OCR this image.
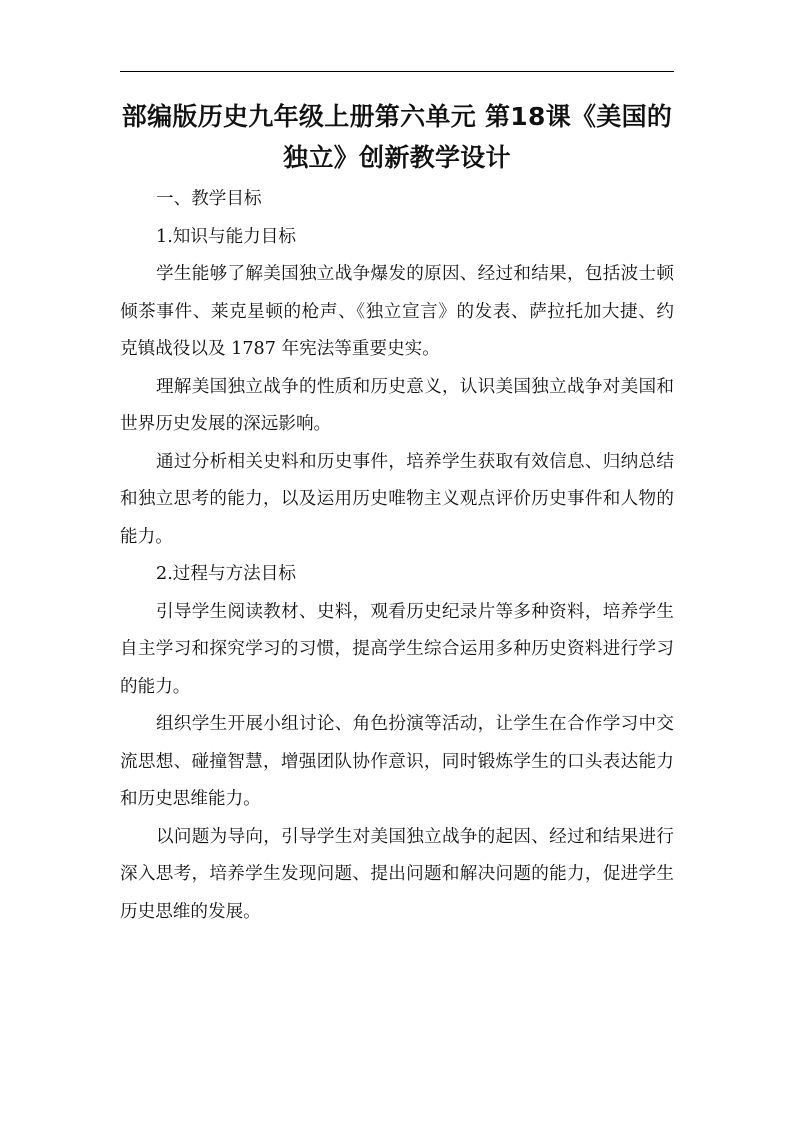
部编版历史九年级上册第六单元 第18课《美国的独立》创新教学设计

一、教学目标

1.知识与能力目标

学生能够了解美国独立战争爆发的原因、经过和结果，包括波士顿倾茶事件、莱克星顿的枪声、《独立宣言》的发表、萨拉托加大捷、约克镇战役以及 1787 年宪法等重要史实。

理解美国独立战争的性质和历史意义，认识美国独立战争对美国和世界历史发展的深远影响。

通过分析相关史料和历史事件，培养学生获取有效信息、归纳总结和独立思考的能力，以及运用历史唯物主义观点评价历史事件和人物的能力。

2.过程与方法目标

引导学生阅读教材、史料，观看历史纪录片等多种资料，培养学生自主学习和探究学习的习惯，提高学生综合运用多种历史资料进行学习的能力。

组织学生开展小组讨论、角色扮演等活动，让学生在合作学习中交流思想、碰撞智慧，增强团队协作意识，同时锻炼学生的口头表达能力和历史思维能力。

以问题为导向，引导学生对美国独立战争的起因、经过和结果进行深入思考，培养学生发现问题、提出问题和解决问题的能力，促进学生历史思维的发展。
